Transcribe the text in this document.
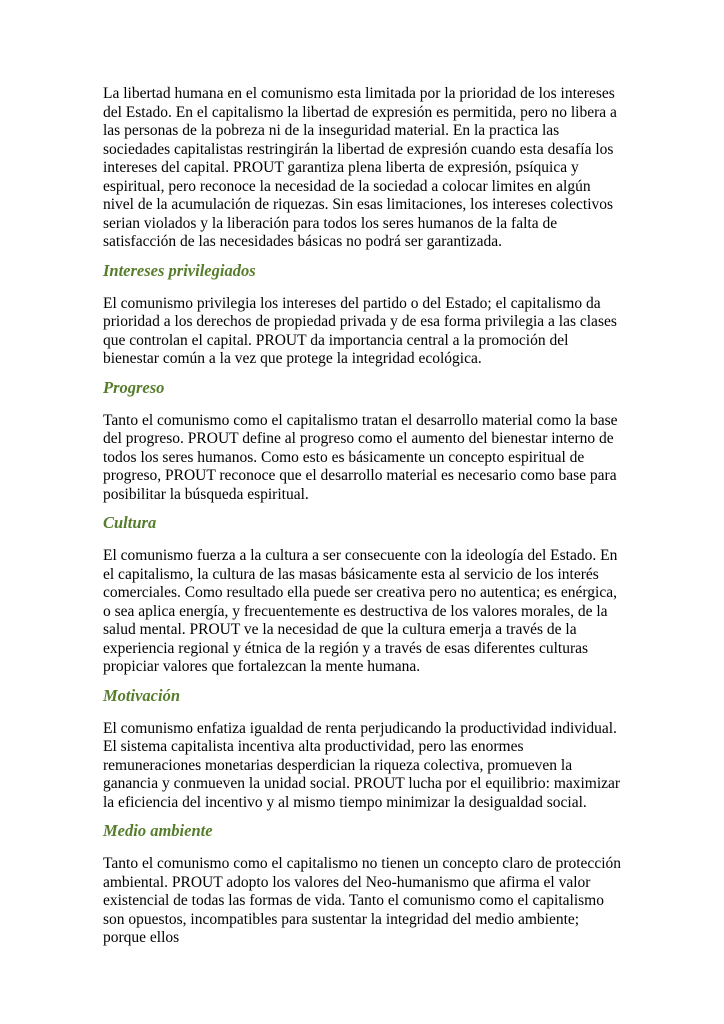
La libertad humana en el comunismo esta limitada por la prioridad de los intereses del Estado. En el capitalismo la libertad de expresión es permitida, pero no libera a las personas de la pobreza ni de la inseguridad material. En la practica las sociedades capitalistas restringirán la libertad de expresión cuando esta desafía los intereses del capital. PROUT garantiza plena liberta de expresión, psíquica y espiritual, pero reconoce la necesidad de la sociedad a colocar limites en algún nivel de la acumulación de riquezas. Sin esas limitaciones, los intereses colectivos serian violados y la liberación para todos los seres humanos de la falta de satisfacción de las necesidades básicas no podrá ser garantizada.

Intereses privilegiados

El comunismo privilegia los intereses del partido o del Estado; el capitalismo da prioridad a los derechos de propiedad privada y de esa forma privilegia a las clases que controlan el capital. PROUT da importancia central a la promoción del bienestar común a la vez que protege la integridad ecológica.

Progreso

Tanto el comunismo como el capitalismo tratan el desarrollo material como la base del progreso. PROUT define al progreso como el aumento del bienestar interno de todos los seres humanos. Como esto es básicamente un concepto espiritual de progreso, PROUT reconoce que el desarrollo material es necesario como base para posibilitar la búsqueda espiritual.

Cultura

El comunismo fuerza a la cultura a ser consecuente con la ideología del Estado. En el capitalismo, la cultura de las masas básicamente esta al servicio de los interés comerciales. Como resultado ella puede ser creativa pero no autentica; es enérgica, o sea aplica energía, y frecuentemente es destructiva de los valores morales, de la salud mental. PROUT ve la necesidad de que la cultura emerja a través de la experiencia regional y étnica de la región y a través de esas diferentes culturas propiciar valores que fortalezcan la mente humana.

Motivación

El comunismo enfatiza igualdad de renta perjudicando la productividad individual. El sistema capitalista incentiva alta productividad, pero las enormes remuneraciones monetarias desperdician la riqueza colectiva, promueven la ganancia y conmueven la unidad social. PROUT lucha por el equilibrio: maximizar la eficiencia del incentivo y al mismo tiempo minimizar la desigualdad social.

Medio ambiente

Tanto el comunismo como el capitalismo no tienen un concepto claro de protección ambiental. PROUT adopto los valores del Neo-humanismo que afirma el valor existencial de todas las formas de vida. Tanto el comunismo como el capitalismo son opuestos, incompatibles para sustentar la integridad del medio ambiente; porque ellos
